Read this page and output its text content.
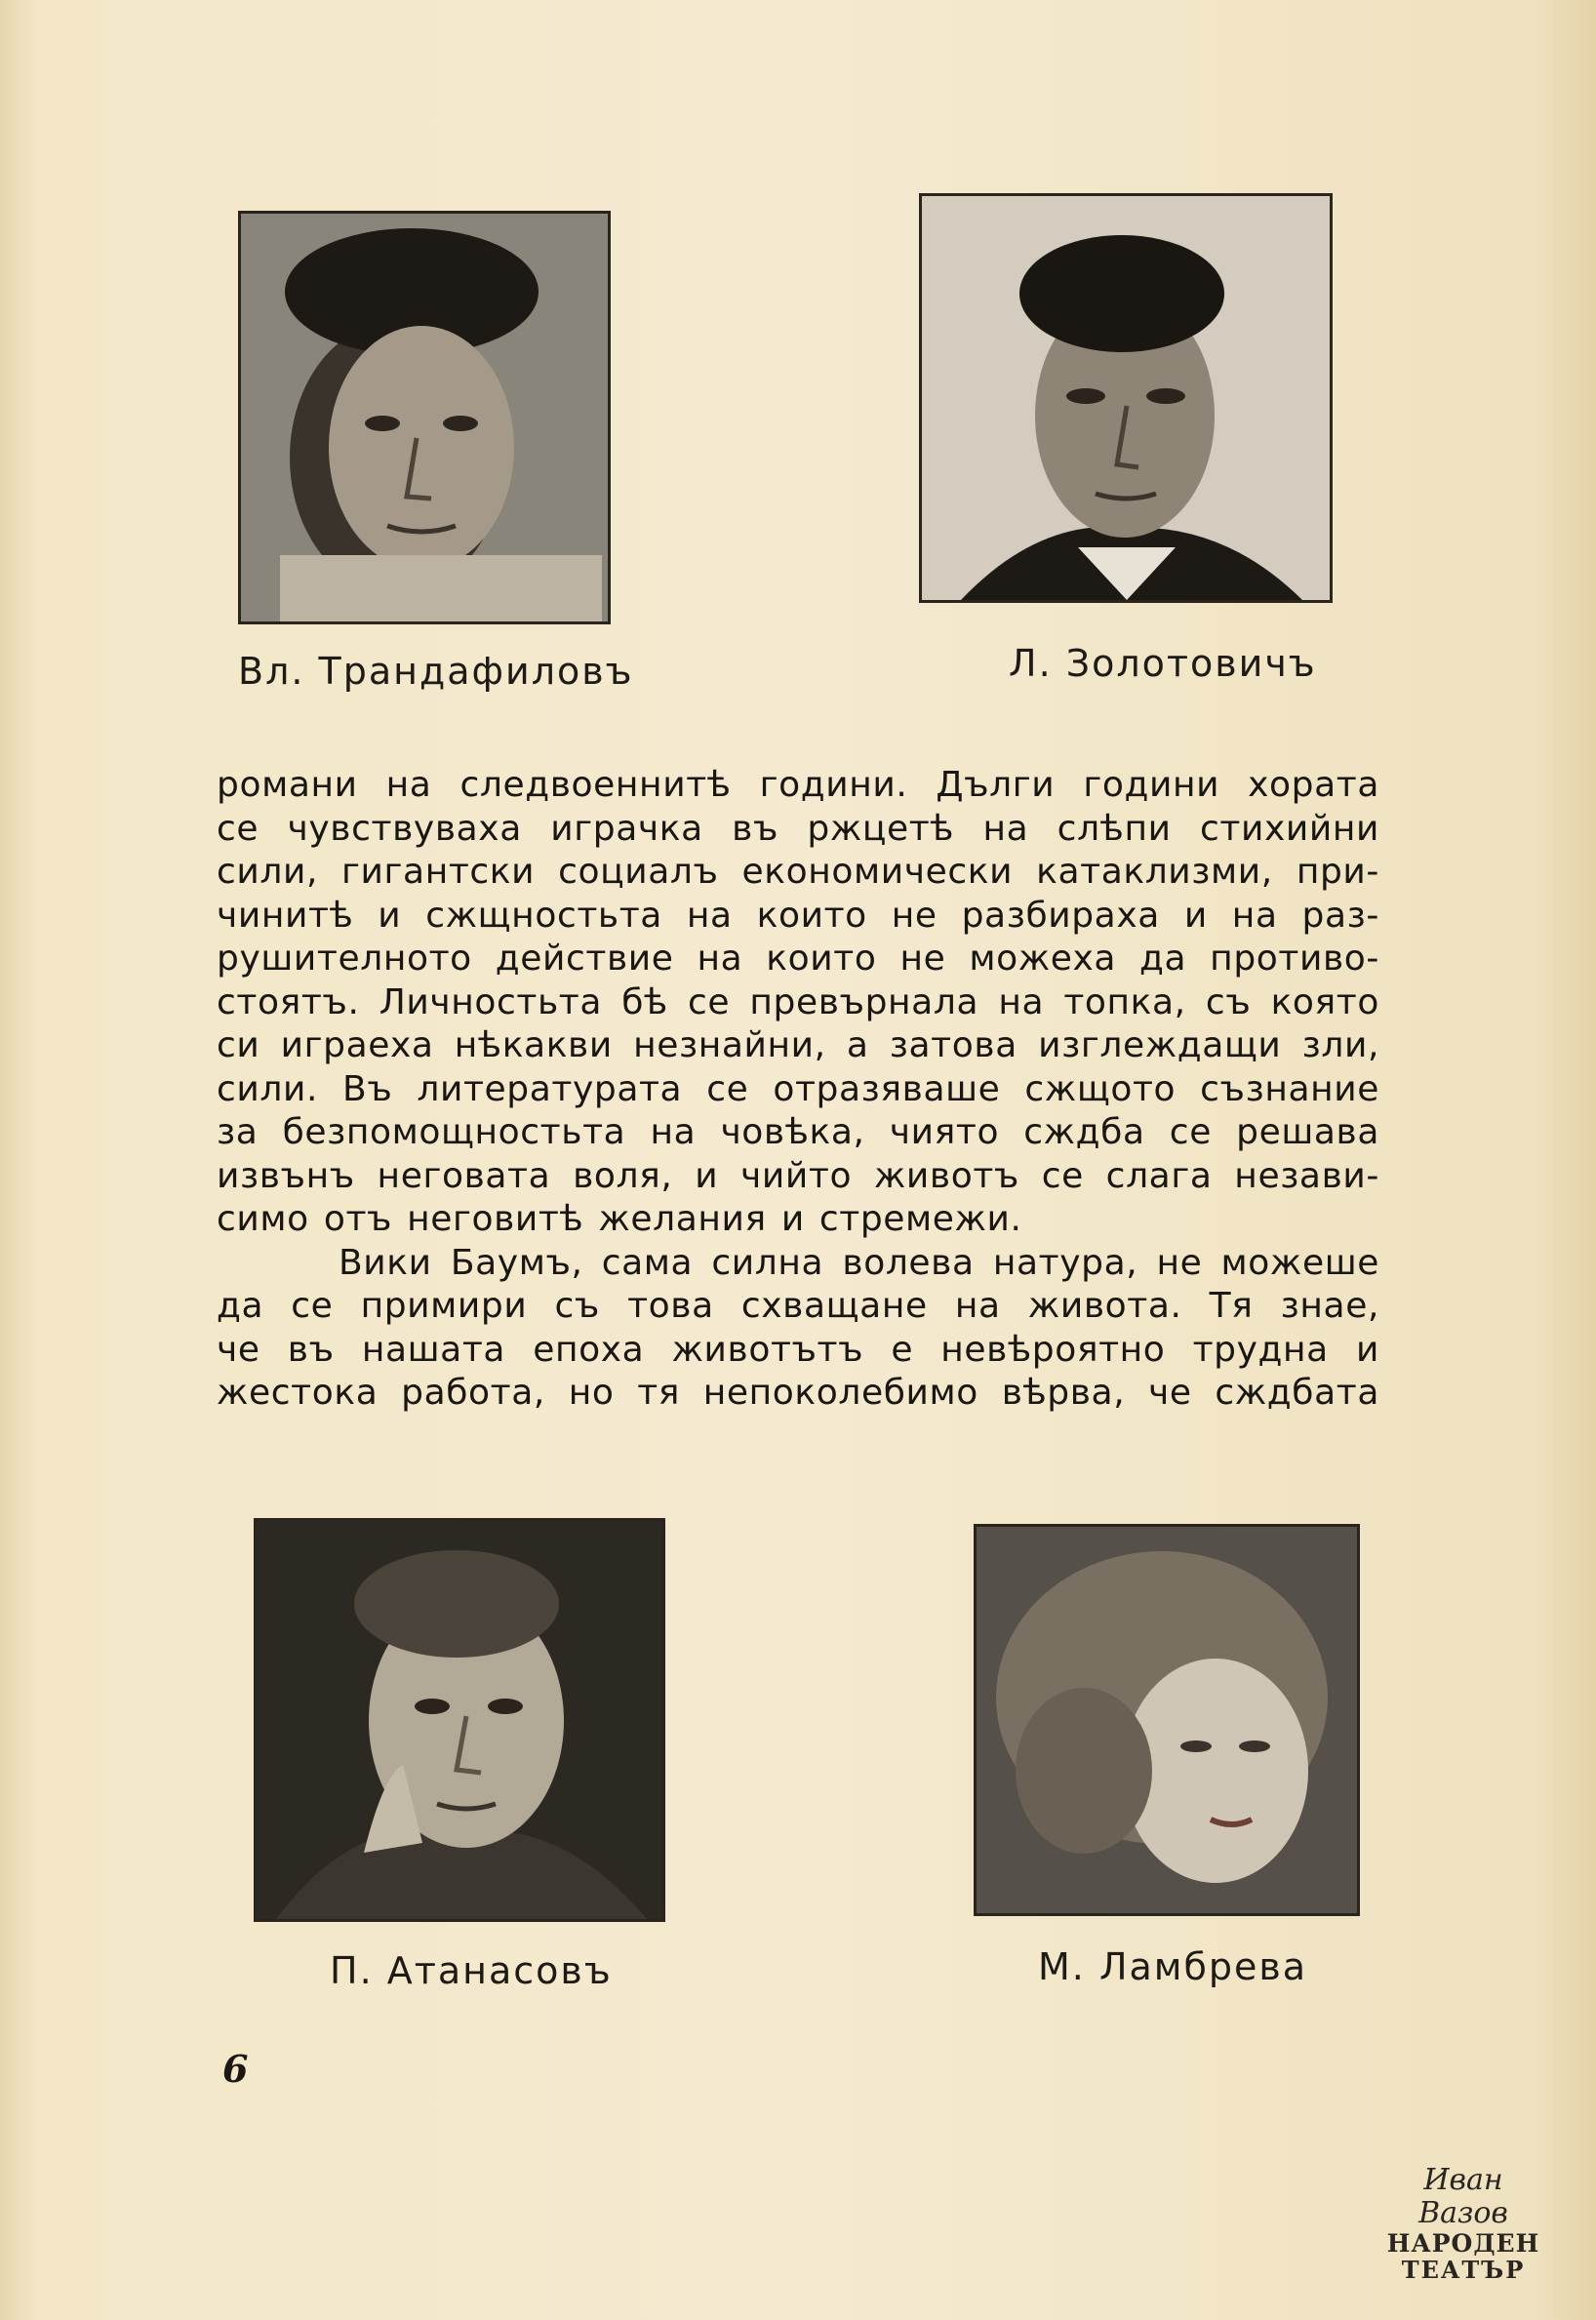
Вл. Трандафиловъ	Л. Золотовичъ
романи на следвоеннитѣ години. Дълги години хората
се чувствуваха играчка въ ржцетѣ на слѣпи стихийни
сили, гигантски социалъ економически катаклизми, при-
чинитѣ и сжщностьта на които не разбираха и на раз-
рушителното действие на които не можеха да противо-
стоятъ. Личностьта бѣ се превърнала на топка, съ която
си играеха нѣкакви незнайни, а затова изглеждащи зли,
сили. Въ литературата се отразяваше сжщото съзнание
за безпомощностьта на човѣка, чиято сждба се решава
извънъ неговата воля, и чийто животъ се слага незави-
симо отъ неговитѣ желания и стремежи.
Вики Баумъ, сама силна волева натура, не можеше
да се примири съ това схващане на живота. Тя знае,
че въ нашата епоха животътъ е невѣроятно трудна и
жестока работа, но тя непоколебимо вѣрва, че сждбата
П. Атанасовъ	М. Ламбрева
6
Иван Вазов
НАРОДЕН
ТЕАТЪР
